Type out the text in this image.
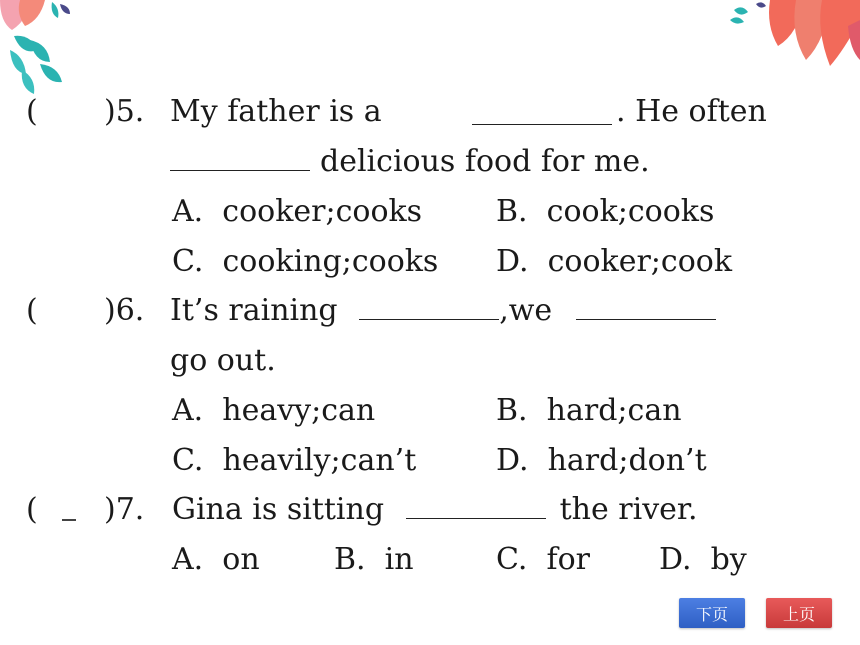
( )5. My father is a	. He often
delicious food for me.
A.  cooker;cooks B.  cook;cooks
C.  cooking;cooks D.  cooker;cook
( )6. It’s raining	,we
go out.
A.  heavy;can	B.  hard;can
C.  heavily;can’t	D.  hard;don’t
( )7. Gina is sitting	the river.
A.  on B.  in	C.  for D.  by
下页	上页
